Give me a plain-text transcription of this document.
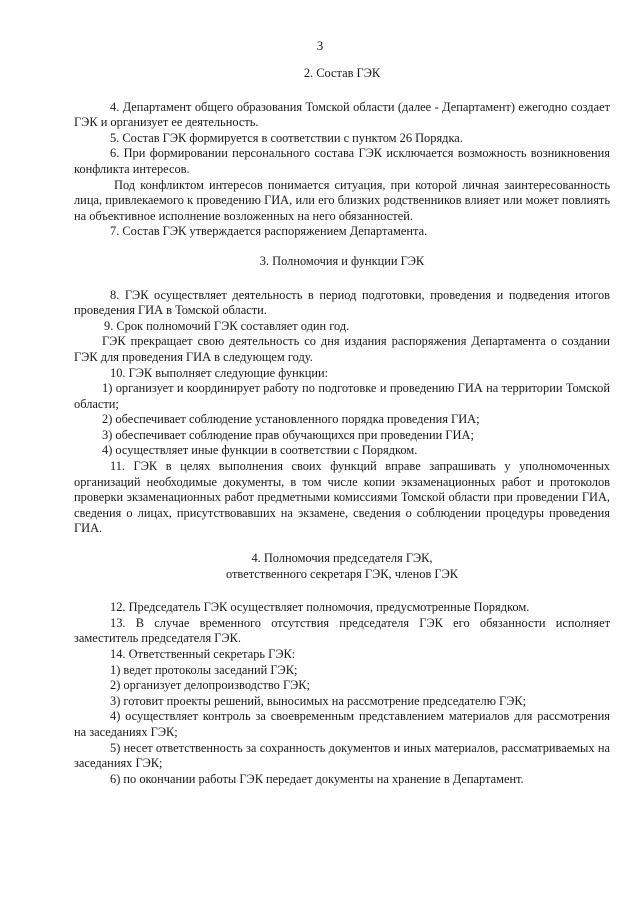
3

2. Состав ГЭК

4. Департамент общего образования Томской области (далее - Департамент) ежегодно создает ГЭК и организует ее деятельность.

5. Состав ГЭК формируется в соответствии с пунктом 26 Порядка.

6. При формировании персонального состава ГЭК исключается возможность возникновения конфликта интересов.

Под конфликтом интересов понимается ситуация, при которой личная заинтересованность лица, привлекаемого к проведению ГИА, или его близких родственников влияет или может повлиять на объективное исполнение возложенных на него обязанностей.

7. Состав ГЭК утверждается распоряжением Департамента.

3. Полномочия и функции ГЭК

8. ГЭК осуществляет деятельность в период подготовки, проведения и подведения итогов проведения ГИА в Томской области.

9. Срок полномочий ГЭК составляет один год.

ГЭК прекращает свою деятельность со дня издания распоряжения Департамента о создании ГЭК для проведения ГИА в следующем году.

10. ГЭК выполняет следующие функции:

1) организует и координирует работу по подготовке и проведению ГИА на территории Томской области;

2) обеспечивает соблюдение установленного порядка проведения ГИА;

3) обеспечивает соблюдение прав обучающихся при проведении ГИА;

4) осуществляет иные функции в соответствии с Порядком.

11. ГЭК в целях выполнения своих функций вправе запрашивать у уполномоченных организаций необходимые документы, в том числе копии экзаменационных работ и протоколов проверки экзаменационных работ предметными комиссиями Томской области при проведении ГИА, сведения о лицах, присутствовавших на экзамене, сведения о соблюдении процедуры проведения ГИА.

4. Полномочия председателя ГЭК,

ответственного секретаря ГЭК, членов ГЭК

12. Председатель ГЭК осуществляет полномочия, предусмотренные Порядком.

13. В случае временного отсутствия председателя ГЭК его обязанности исполняет заместитель председателя ГЭК.

14. Ответственный секретарь ГЭК:

1) ведет протоколы заседаний ГЭК;

2) организует делопроизводство ГЭК;

3) готовит проекты решений, выносимых на рассмотрение председателю ГЭК;

4) осуществляет контроль за своевременным представлением материалов для рассмотрения на заседаниях ГЭК;

5) несет ответственность за сохранность документов и иных материалов, рассматриваемых на заседаниях ГЭК;

6) по окончании работы ГЭК передает документы на хранение в Департамент.
